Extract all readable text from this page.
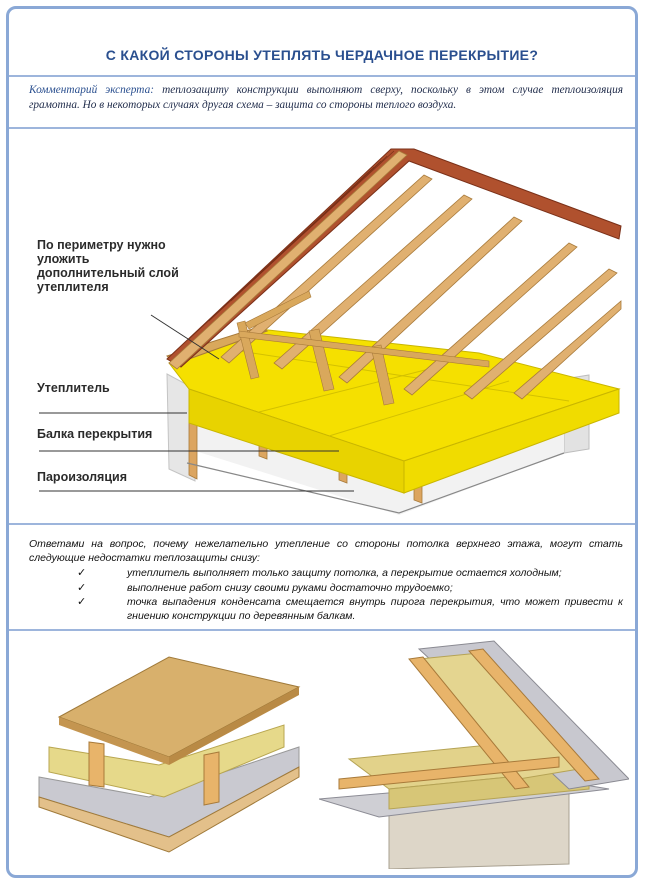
С КАКОЙ СТОРОНЫ УТЕПЛЯТЬ ЧЕРДАЧНОЕ ПЕРЕКРЫТИЕ?
Комментарий эксперта: теплозащиту конструкции выполняют сверху, поскольку в этом случае теплоизоляция грамотна. Но в некоторых случаях другая схема – защита со стороны теплого воздуха.
По периметру нужно уложить дополнительный слой утеплителя
Утеплитель
Балка перекрытия
Пароизоляция
Ответами на вопрос, почему нежелательно утепление со стороны потолка верхнего этажа, могут стать следующие недостатки теплозащиты снизу:
✓	утеплитель выполняет только защиту потолка, а перекрытие остается холодным;
✓	выполнение работ снизу своими руками достаточно трудоемко;
✓	точка выпадения конденсата смещается внутрь пирога перекрытия, что может привести к гниению конструкции по деревянным балкам.
